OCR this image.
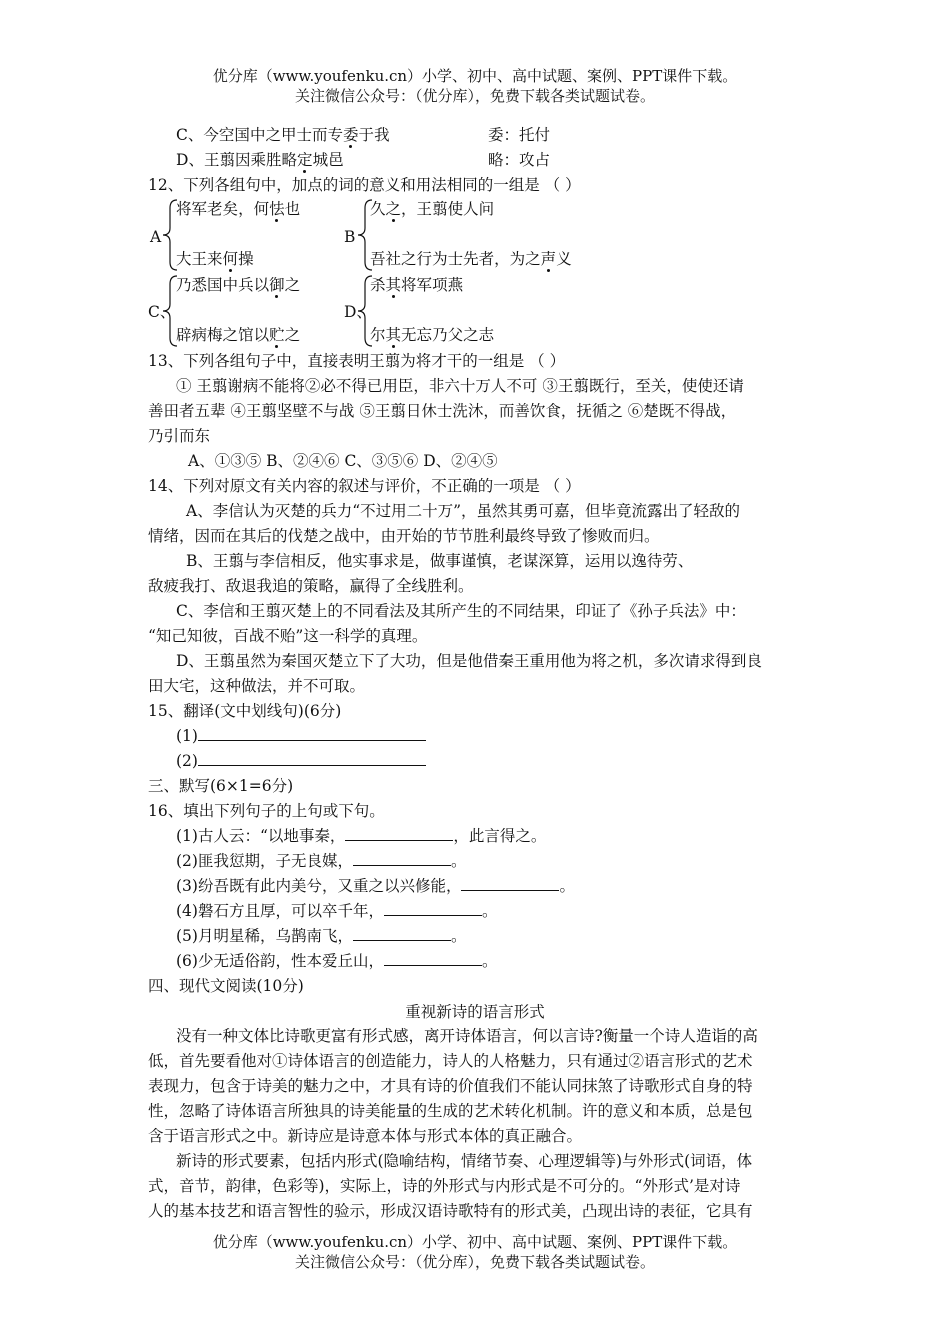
优分库（www.youfenku.cn）小学、初中、高中试题、案例、PPT课件下载。
关注微信公众号：（优分库），免费下载各类试题试卷。
C、今空国中之甲士而专委于我	委：托付
D、王翦因乘胜略定城邑	略：攻占
12、下列各组句中，加点的词的意义和用法相同的一组是 （ ）
A
将军老矣，何怯也
大王来何操
B
久之，王翦使人问
吾社之行为士先者，为之声义
C、
乃悉国中兵以御之
辟病梅之馆以贮之
D、
杀其将军项燕
尔其无忘乃父之志
13、下列各组句子中，直接表明王翦为将才干的一组是 （ ）
① 王翦谢病不能将②必不得已用臣，非六十万人不可 ③王翦既行，至关，使使还请
善田者五辈 ④王翦坚壁不与战 ⑤王翦日休士洗沐，而善饮食，抚循之 ⑥楚既不得战，
乃引而东
A、①③⑤ B、②④⑥ C、③⑤⑥ D、②④⑤
14、下列对原文有关内容的叙述与评价，不正确的一项是 （ ）
A、李信认为灭楚的兵力“不过用二十万”，虽然其勇可嘉，但毕竟流露出了轻敌的
情绪，因而在其后的伐楚之战中，由开始的节节胜利最终导致了惨败而归。
B、王翦与李信相反，他实事求是，做事谨慎，老谋深算，运用以逸待劳、
敌疲我打、敌退我追的策略，赢得了全线胜利。
C、李信和王翦灭楚上的不同看法及其所产生的不同结果，印证了《孙子兵法》中：
“知己知彼，百战不贻”这一科学的真理。
D、王翦虽然为秦国灭楚立下了大功，但是他借秦王重用他为将之机，多次请求得到良
田大宅，这种做法，并不可取。
15、翻译(文中划线句)(6分)
(1)
(2)
三、默写(6×1=6分)
16、填出下列句子的上句或下句。
(1)古人云：“以地事秦，	，此言得之。
(2)匪我愆期，子无良媒，	。
(3)纷吾既有此内美兮，又重之以兴修能，	。
(4)磐石方且厚，可以卒千年，	。
(5)月明星稀，乌鹊南飞，	。
(6)少无适俗韵，性本爱丘山，	。
四、现代文阅读(10分)
重视新诗的语言形式
没有一种文体比诗歌更富有形式感，离开诗体语言，何以言诗?衡量一个诗人造诣的高
低，首先要看他对①诗体语言的创造能力，诗人的人格魅力，只有通过②语言形式的艺术
表现力，包含于诗美的魅力之中，才具有诗的价值我们不能认同抹煞了诗歌形式自身的特
性，忽略了诗体语言所独具的诗美能量的生成的艺术转化机制。许的意义和本质，总是包
含于语言形式之中。新诗应是诗意本体与形式本体的真正融合。
新诗的形式要素，包括内形式(隐喻结构，情绪节奏、心理逻辑等)与外形式(词语，体
式，音节，韵律，色彩等)，实际上，诗的外形式与内形式是不可分的。“外形式’是对诗
人的基本技艺和语言智性的验示，形成汉语诗歌特有的形式美，凸现出诗的表征，它具有
优分库（www.youfenku.cn）小学、初中、高中试题、案例、PPT课件下载。
关注微信公众号：（优分库），免费下载各类试题试卷。
